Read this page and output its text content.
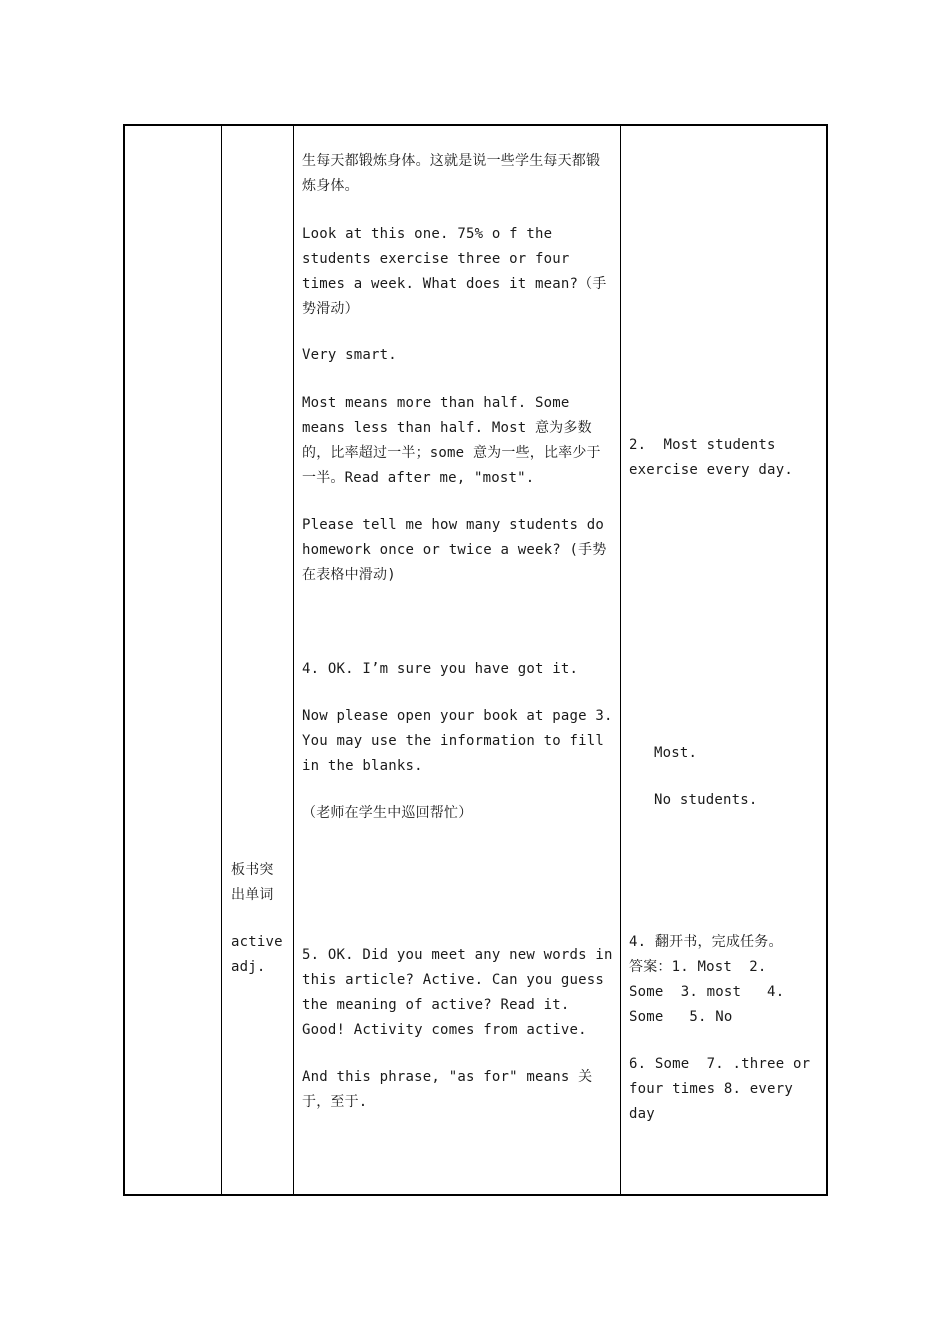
板书突
出单词
active
adj.
生每天都锻炼身体。这就是说一些学生每天都锻炼身体。
Look at this one. 75% o f the students exercise three or four times a week. What does it mean?（手势滑动）
Very smart.
Most means more than half. Some means less than half. Most 意为多数的，比率超过一半；some 意为一些，比率少于一半。Read after me, "most".
Please tell me how many students do homework once or twice a week? (手势在表格中滑动)
4. OK. I’m sure you have got it.
Now please open your book at page 3. You may use the information to fill in the blanks.
（老师在学生中巡回帮忙）
5. OK. Did you meet any new words in this article? Active. Can you guess the meaning of active? Read it. Good! Activity comes from active.
And this phrase, "as for" means 关于，至于.
2.  Most students
exercise every day.
Most.
No students.
4. 翻开书，完成任务。
答案：1. Most  2.
Some  3. most   4.
Some   5. No
6. Some  7. .three or
four times 8. every
day
